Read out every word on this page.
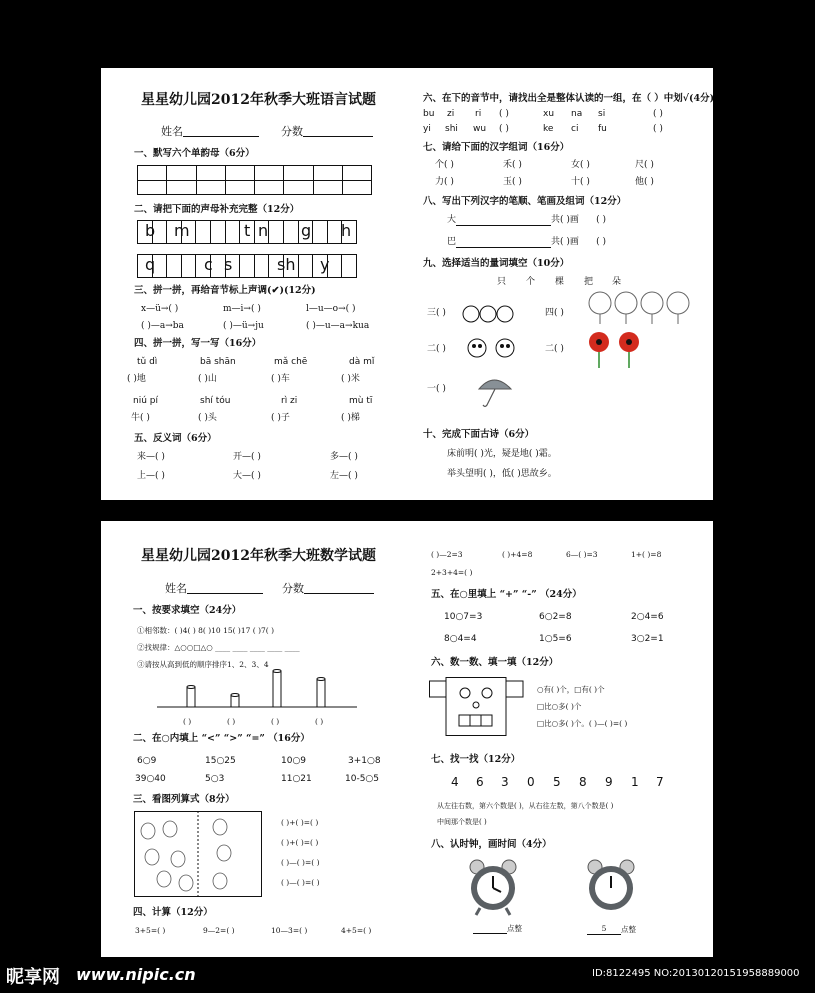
星星幼儿园2012年秋季大班语言试题
姓名	分数
一、默写六个单韵母（6分）

二、请把下面的声母补充完整（12分）

b m	t n g h

q	c s	sh y
三、拼一拼，再给音节标上声调(✔)(12分)
x—ü→( )	m—i→( )	l—u—o→( )
( )—a→ba	( )—ü→ju	( )—u—a→kua
四、拼一拼，写一写（16分）
tǔ dì	bā shān	mǎ chē	dà mǐ
( )地	( )山	( )车	( )米
niú pí	shí tóu	rì zi	mù tī
牛( )	( )头	( )子	( )梯
五、反义词（6分）
来—( )	开—( )	多—( )
上—( )	大—( )	左—( )
六、在下的音节中，请找出全是整体认读的一组，在（ ）中划√(4分)
bu zi ri ( )	xu na si	( )
yi shi wu ( )	ke ci fu	( )
七、请给下面的汉字组词（16分）
个( )	禾( )	女( )	尺( )
力( )	玉( )	十( )	他( )
八、写出下列汉字的笔顺、笔画及组词（12分）
大	共( )画 ( )
巴	共( )画 ( )
九、选择适当的量词填空（10分）
只 个 棵 把 朵
三( )	四( )
二( )	二( )
一( )
十、完成下面古诗（6分）
床前明( )光，疑是地( )霜。
举头望明( )，低( )思故乡。
星星幼儿园2012年秋季大班数学试题
姓名	分数
一、按要求填空（24分）
①相邻数：( )4( ) 8( )10 15( )17 ( )7( )
②找规律：△○○□△○ ____ ____ ____ ____ ____
③请按从高到低的顺序排序1、2、3、4
( )	( )	( )	( )
二、在○内填上 “<” “>” “=” （16分）
6○9	15○25	10○9	3+1○8
39○40	5○3	11○21	10-5○5
三、看图列算式（8分）
( )+( )=( )
( )+( )=( )
( )—( )=( )
( )—( )=( )
四、计算（12分）
3+5=( )	9—2=( )	10—3=( )	4+5=( )
( )—2=3	( )+4=8	6—( )=3	1+( )=8
2+3+4=( )
五、在○里填上 “+” “-” （24分）
10○7=3	6○2=8	2○4=6
8○4=4	1○5=6	3○2=1
六、数一数、填一填（12分）
○有( )个，□有( )个
□比○多( )个
□比○多( )个。( )—( )=( )
七、找一找（12分）
4 6 3 0 5 8 9 1 7
从左往右数，第六个数是( )，从右往左数，第八个数是( )
中间那个数是( )
八、认时钟，画时间（4分）
点整	5 点整
昵享网 www.nipic.cn	ID:8122495 NO:20130120151958889000
